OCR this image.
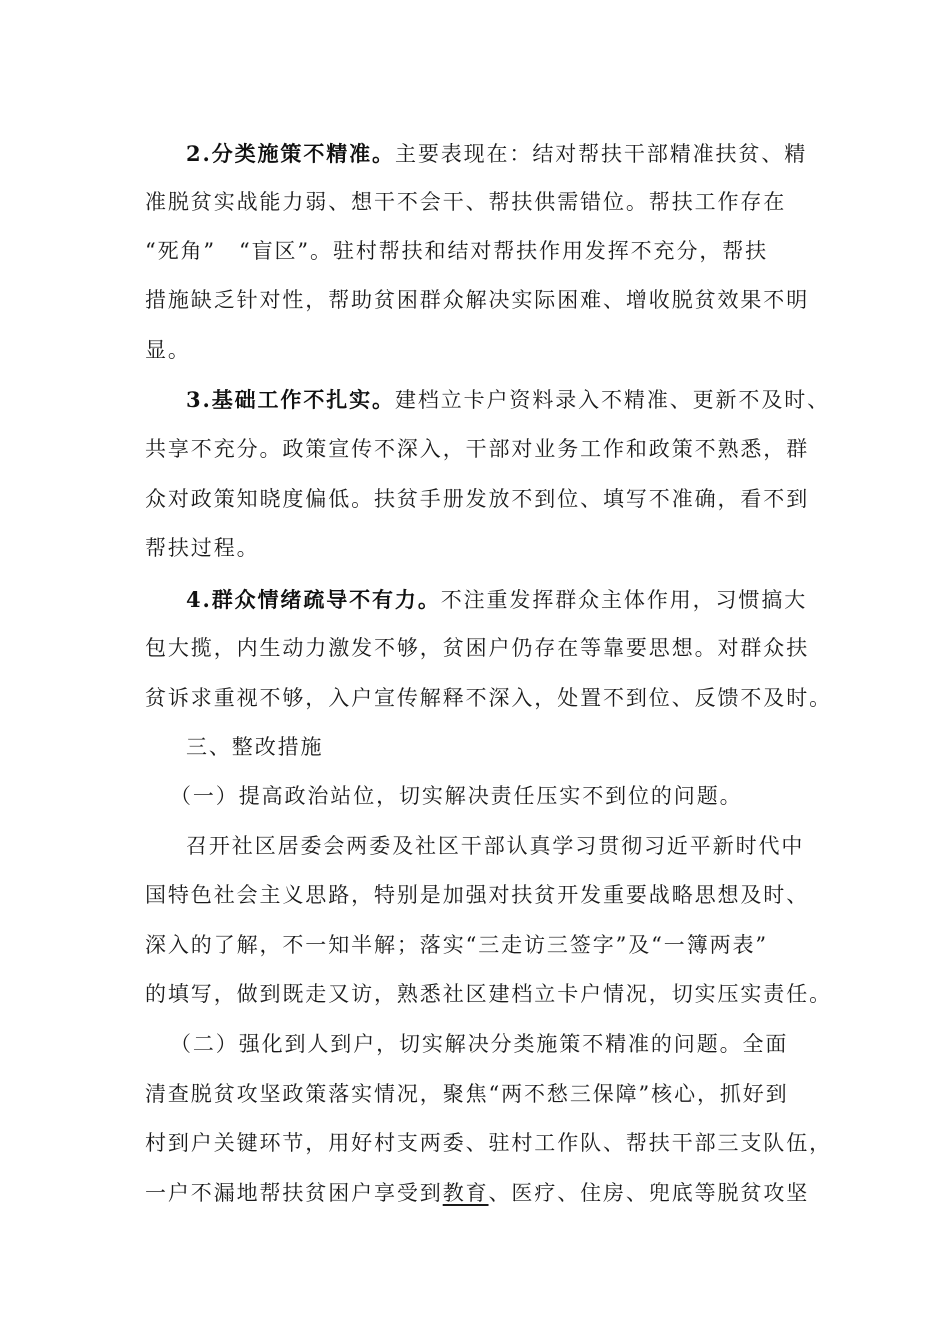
2.分类施策不精准。主要表现在：结对帮扶干部精准扶贫、精
准脱贫实战能力弱、想干不会干、帮扶供需错位。帮扶工作存在
“死角”　“盲区”。驻村帮扶和结对帮扶作用发挥不充分，帮扶
措施缺乏针对性，帮助贫困群众解决实际困难、增收脱贫效果不明
显。
3.基础工作不扎实。建档立卡户资料录入不精准、更新不及时、
共享不充分。政策宣传不深入，干部对业务工作和政策不熟悉，群
众对政策知晓度偏低。扶贫手册发放不到位、填写不准确，看不到
帮扶过程。
4.群众情绪疏导不有力。不注重发挥群众主体作用，习惯搞大
包大揽，内生动力激发不够，贫困户仍存在等靠要思想。对群众扶
贫诉求重视不够，入户宣传解释不深入，处置不到位、反馈不及时。
三、整改措施
（一）提高政治站位，切实解决责任压实不到位的问题。
召开社区居委会两委及社区干部认真学习贯彻习近平新时代中
国特色社会主义思路，特别是加强对扶贫开发重要战略思想及时、
深入的了解，不一知半解；落实“三走访三签字”及“一簿两表”
的填写，做到既走又访，熟悉社区建档立卡户情况，切实压实责任。
（二）强化到人到户，切实解决分类施策不精准的问题。全面
清查脱贫攻坚政策落实情况，聚焦“两不愁三保障”核心，抓好到
村到户关键环节，用好村支两委、驻村工作队、帮扶干部三支队伍，
一户不漏地帮扶贫困户享受到教育、医疗、住房、兜底等脱贫攻坚
